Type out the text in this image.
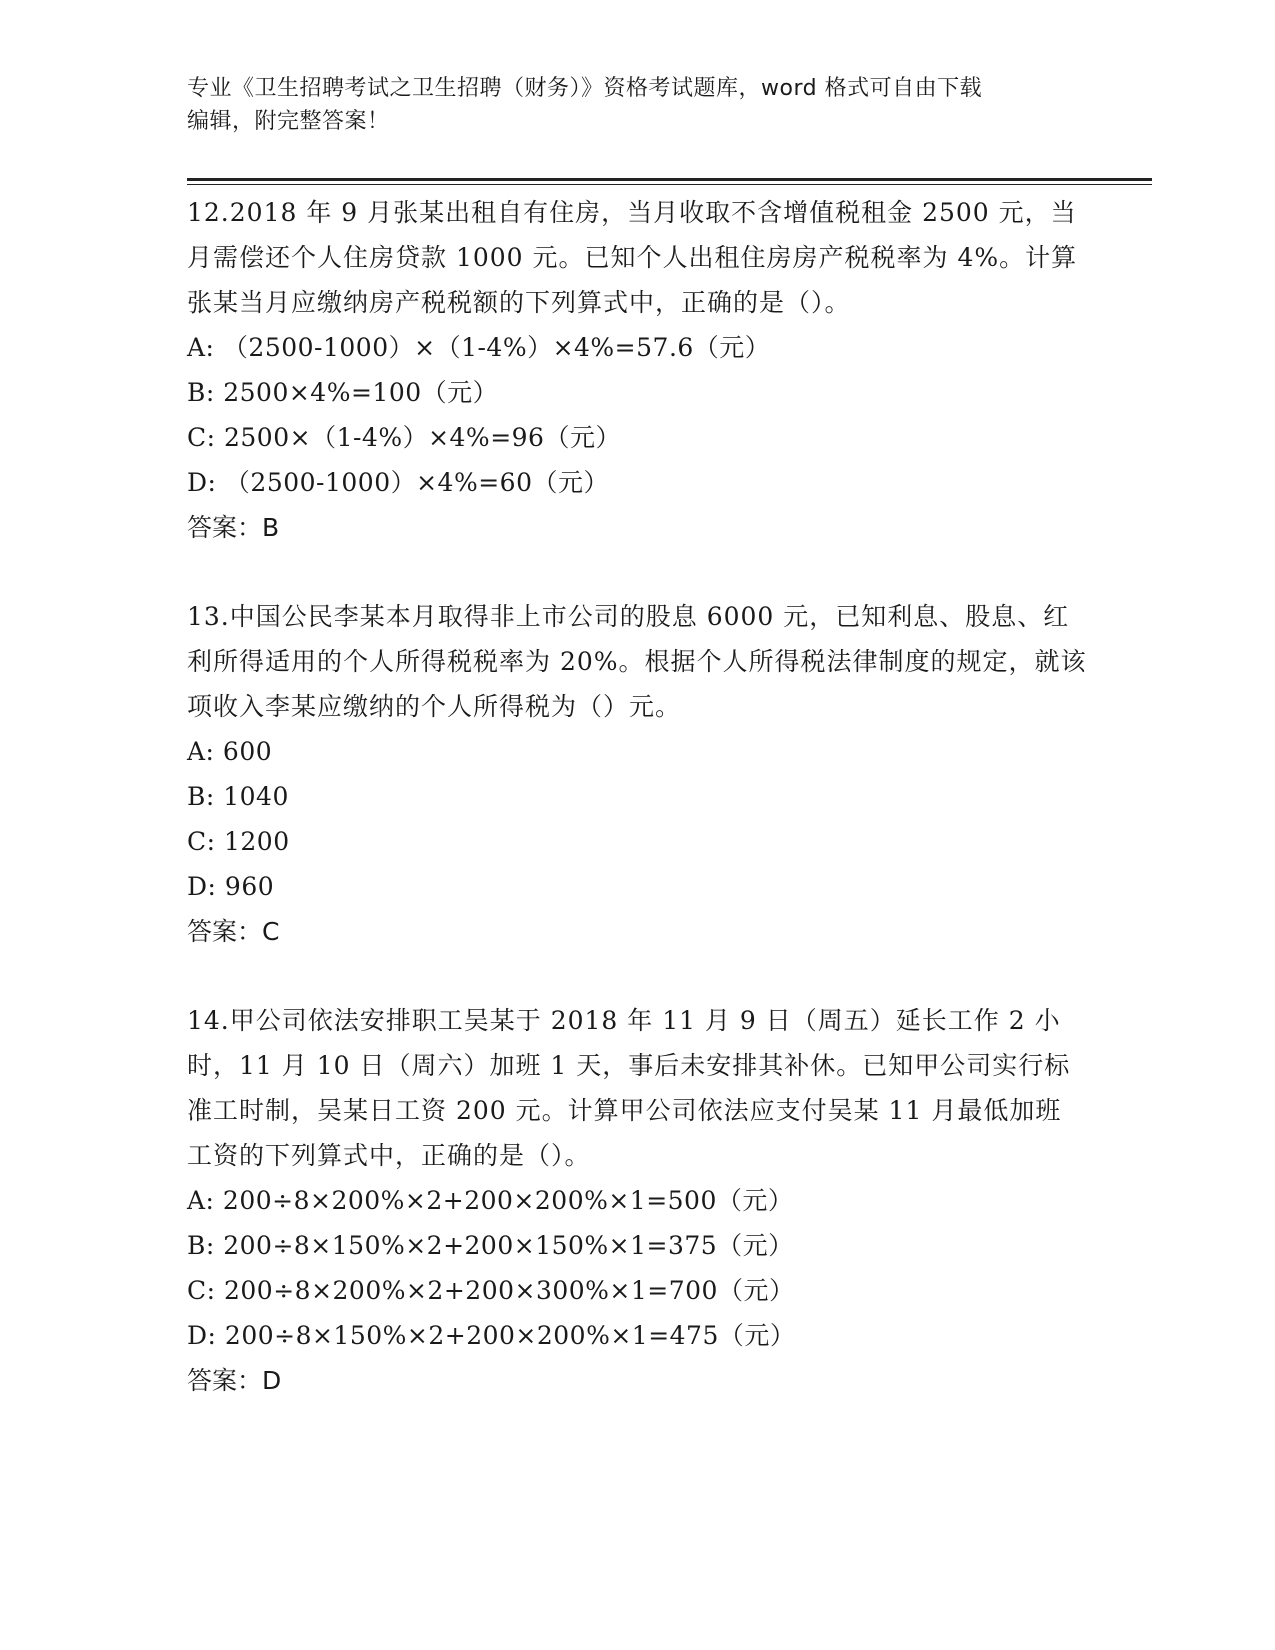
专业《卫生招聘考试之卫生招聘（财务）》资格考试题库，word 格式可自由下载
编辑，附完整答案！

12.2018 年 9 月张某出租自有住房，当月收取不含增值税租金 2500 元，当月需偿还个人住房贷款 1000 元。已知个人出租住房房产税税率为 4%。计算张某当月应缴纳房产税税额的下列算式中，正确的是（）。

A: （2500-1000）×（1-4%）×4%=57.6（元）

B: 2500×4%=100（元）

C: 2500×（1-4%）×4%=96（元）

D: （2500-1000）×4%=60（元）

答案：B

13.中国公民李某本月取得非上市公司的股息 6000 元，已知利息、股息、红利所得适用的个人所得税税率为 20%。根据个人所得税法律制度的规定，就该项收入李某应缴纳的个人所得税为（）元。

A: 600

B: 1040

C: 1200

D: 960

答案：C

14.甲公司依法安排职工吴某于 2018 年 11 月 9 日（周五）延长工作 2 小时，11 月 10 日（周六）加班 1 天，事后未安排其补休。已知甲公司实行标准工时制，吴某日工资 200 元。计算甲公司依法应支付吴某 11 月最低加班工资的下列算式中，正确的是（）。

A: 200÷8×200%×2+200×200%×1=500（元）

B: 200÷8×150%×2+200×150%×1=375（元）

C: 200÷8×200%×2+200×300%×1=700（元）

D: 200÷8×150%×2+200×200%×1=475（元）

答案：D
